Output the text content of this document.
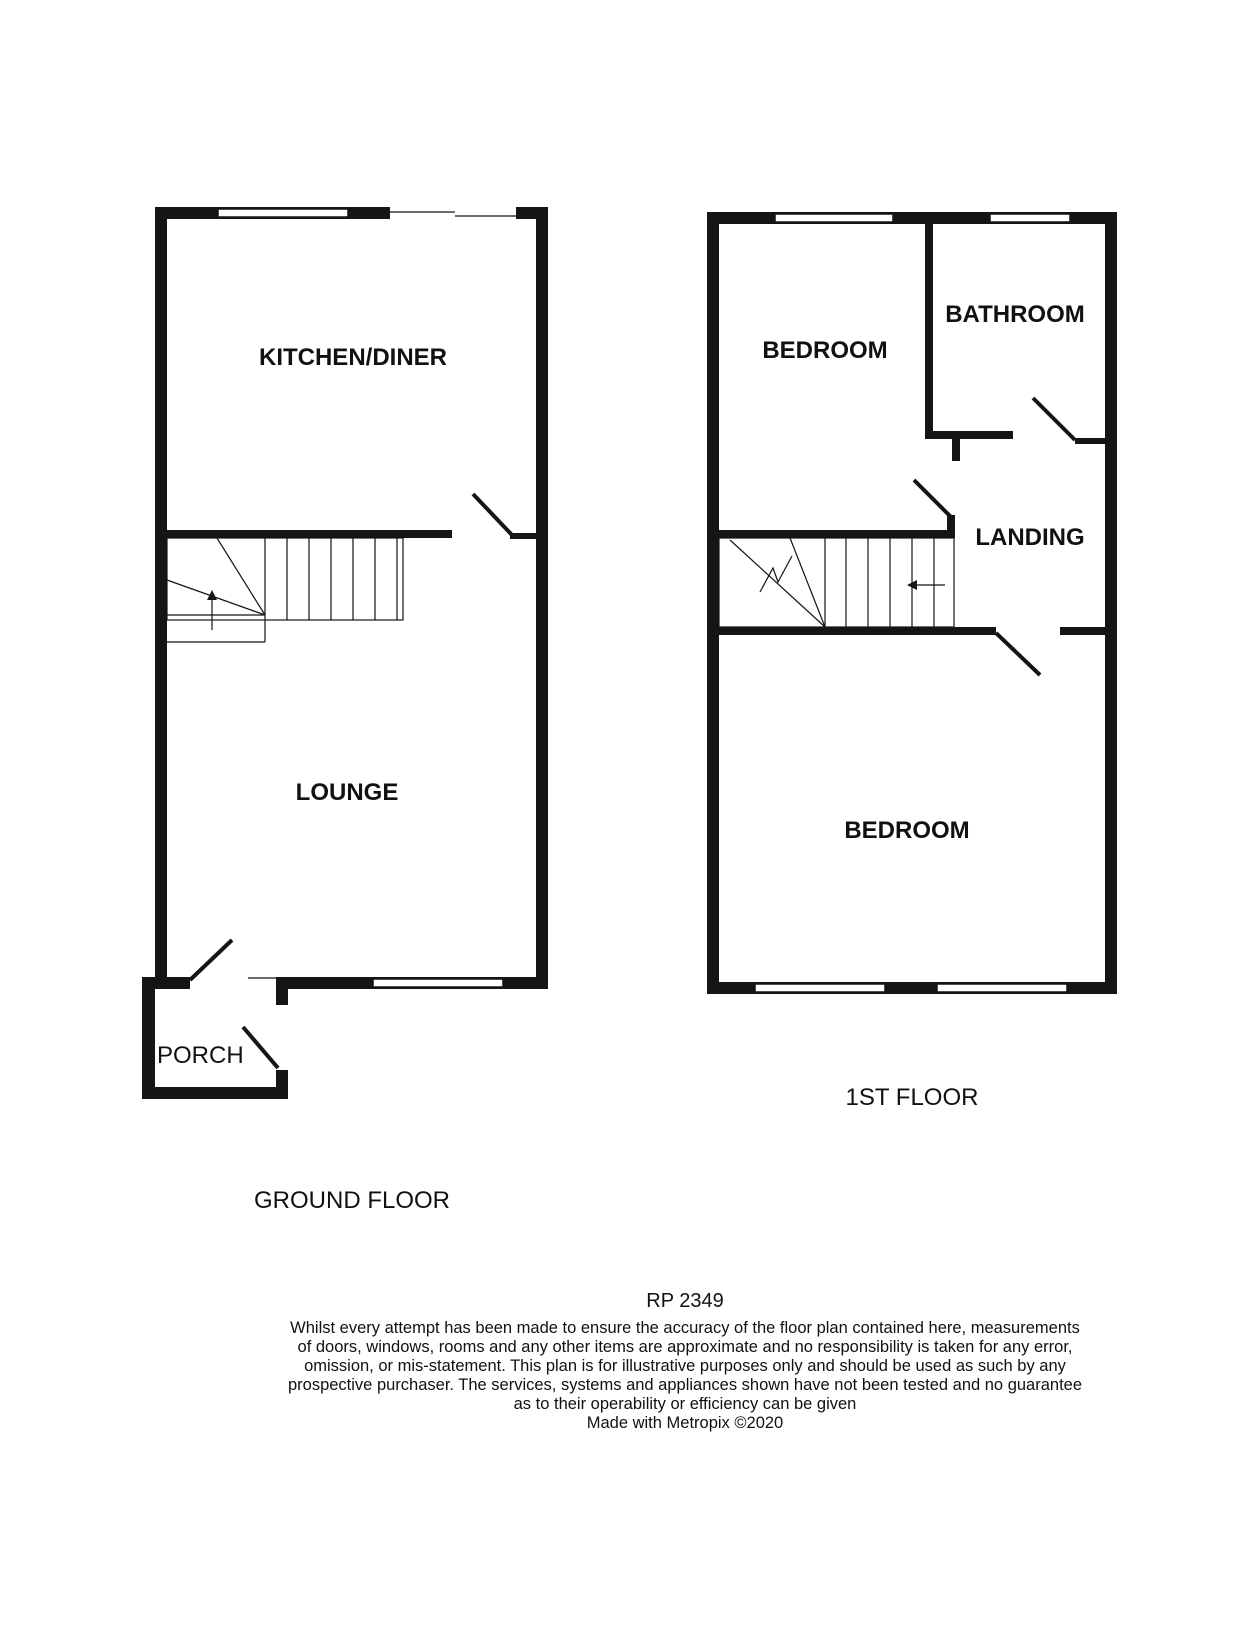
KITCHEN/DINER
LOUNGE
PORCH
GROUND FLOOR
BEDROOM
BATHROOM
LANDING
BEDROOM
1ST FLOOR
RP 2349

Whilst every attempt has been made to ensure the accuracy of the floor plan contained here, measurements

of doors, windows, rooms and any other items are approximate and no responsibility is taken for any error,

omission, or mis-statement. This plan is for illustrative purposes only and should be used as such by any

prospective purchaser. The services, systems and appliances shown have not been tested and no guarantee

as to their operability or efficiency can be given

Made with Metropix ©2020
